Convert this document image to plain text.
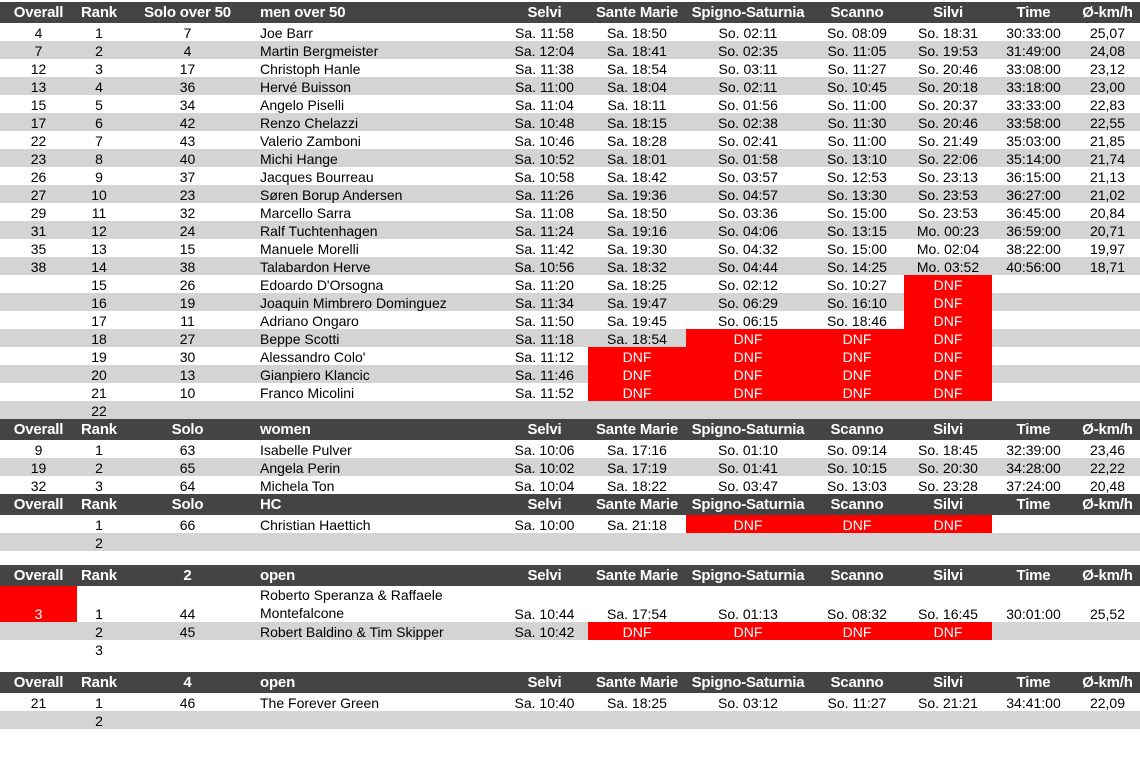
Overall	Rank	Solo over 50	men over 50	Selvi	Sante Marie	Spigno-Saturnia	Scanno	Silvi	Time	Ø-km/h
4	1	7	Joe Barr	Sa. 11:58	Sa. 18:50	So. 02:11	So. 08:09	So. 18:31	30:33:00	25,07
7	2	4	Martin Bergmeister	Sa. 12:04	Sa. 18:41	So. 02:35	So. 11:05	So. 19:53	31:49:00	24,08
12	3	17	Christoph Hanle	Sa. 11:38	Sa. 18:54	So. 03:11	So. 11:27	So. 20:46	33:08:00	23,12
13	4	36	Hervé Buisson	Sa. 11:00	Sa. 18:04	So. 02:11	So. 10:45	So. 20:18	33:18:00	23,00
15	5	34	Angelo Piselli	Sa. 11:04	Sa. 18:11	So. 01:56	So. 11:00	So. 20:37	33:33:00	22,83
17	6	42	Renzo Chelazzi	Sa. 10:48	Sa. 18:15	So. 02:38	So. 11:30	So. 20:46	33:58:00	22,55
22	7	43	Valerio Zamboni	Sa. 10:46	Sa. 18:28	So. 02:41	So. 11:00	So. 21:49	35:03:00	21,85
23	8	40	Michi Hange	Sa. 10:52	Sa. 18:01	So. 01:58	So. 13:10	So. 22:06	35:14:00	21,74
26	9	37	Jacques Bourreau	Sa. 10:58	Sa. 18:42	So. 03:57	So. 12:53	So. 23:13	36:15:00	21,13
27	10	23	Søren Borup Andersen	Sa. 11:26	Sa. 19:36	So. 04:57	So. 13:30	So. 23:53	36:27:00	21,02
29	11	32	Marcello Sarra	Sa. 11:08	Sa. 18:50	So. 03:36	So. 15:00	So. 23:53	36:45:00	20,84
31	12	24	Ralf Tuchtenhagen	Sa. 11:24	Sa. 19:16	So. 04:06	So. 13:15	Mo. 00:23	36:59:00	20,71
35	13	15	Manuele Morelli	Sa. 11:42	Sa. 19:30	So. 04:32	So. 15:00	Mo. 02:04	38:22:00	19,97
38	14	38	Talabardon Herve	Sa. 10:56	Sa. 18:32	So. 04:44	So. 14:25	Mo. 03:52	40:56:00	18,71
	15	26	Edoardo D'Orsogna	Sa. 11:20	Sa. 18:25	So. 02:12	So. 10:27	DNF		
	16	19	Joaquin Mimbrero Dominguez	Sa. 11:34	Sa. 19:47	So. 06:29	So. 16:10	DNF		
	17	11	Adriano Ongaro	Sa. 11:50	Sa. 19:45	So. 06:15	So. 18:46	DNF		
	18	27	Beppe Scotti	Sa. 11:18	Sa. 18:54	DNF	DNF	DNF		
	19	30	Alessandro Colo'	Sa. 11:12	DNF	DNF	DNF	DNF		
	20	13	Gianpiero Klancic	Sa. 11:46	DNF	DNF	DNF	DNF		
	21	10	Franco Micolini	Sa. 11:52	DNF	DNF	DNF	DNF		
	22									
Overall	Rank	Solo	women	Selvi	Sante Marie	Spigno-Saturnia	Scanno	Silvi	Time	Ø-km/h
9	1	63	Isabelle Pulver	Sa. 10:06	Sa. 17:16	So. 01:10	So. 09:14	So. 18:45	32:39:00	23,46
19	2	65	Angela Perin	Sa. 10:02	Sa. 17:19	So. 01:41	So. 10:15	So. 20:30	34:28:00	22,22
32	3	64	Michela Ton	Sa. 10:04	Sa. 18:22	So. 03:47	So. 13:03	So. 23:28	37:24:00	20,48
Overall	Rank	Solo	HC	Selvi	Sante Marie	Spigno-Saturnia	Scanno	Silvi	Time	Ø-km/h
	1	66	Christian Haettich	Sa. 10:00	Sa. 21:18	DNF	DNF	DNF		
	2									

Overall	Rank	2	open	Selvi	Sante Marie	Spigno-Saturnia	Scanno	Silvi	Time	Ø-km/h
3	1	44	Roberto Speranza & Raffaele Montefalcone	Sa. 10:44	Sa. 17:54	So. 01:13	So. 08:32	So. 16:45	30:01:00	25,52
	2	45	Robert Baldino & Tim Skipper	Sa. 10:42	DNF	DNF	DNF	DNF		
	3									

Overall	Rank	4	open	Selvi	Sante Marie	Spigno-Saturnia	Scanno	Silvi	Time	Ø-km/h
21	1	46	The Forever Green	Sa. 10:40	Sa. 18:25	So. 03:12	So. 11:27	So. 21:21	34:41:00	22,09
	2									
